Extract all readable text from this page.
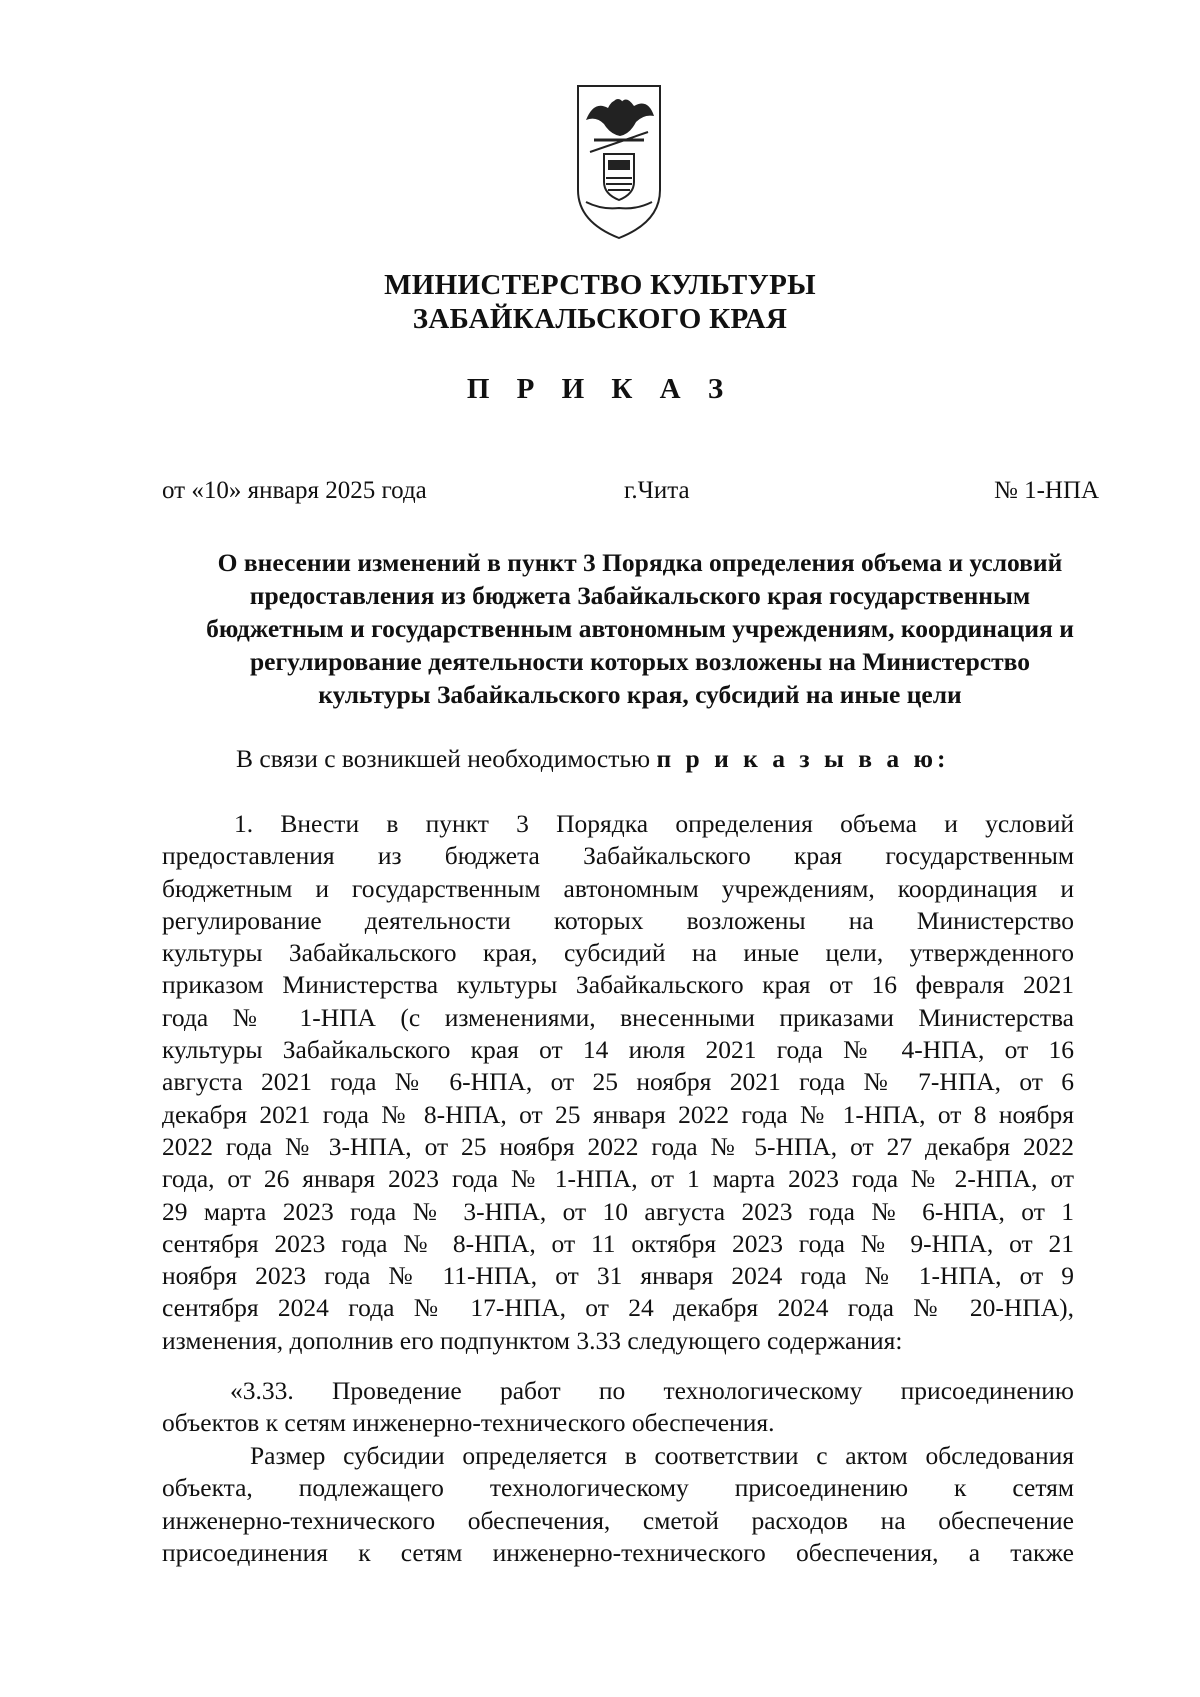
МИНИСТЕРСТВО КУЛЬТУРЫ
ЗАБАЙКАЛЬСКОГО КРАЯ
П Р И К А З
от «10» января 2025 года	г.Чита	№ 1-НПА
О внесении изменений в пункт 3 Порядка определения объема и условий
предоставления из бюджета Забайкальского края государственным
бюджетным и государственным автономным учреждениям, координация и
регулирование деятельности которых возложены на Министерство
культуры Забайкальского края, субсидий на иные цели
В связи с возникшей необходимостью п р и к а з ы в а ю:
1. Внести в пункт 3 Порядка определения объема и условий
предоставления из бюджета Забайкальского края государственным
бюджетным и государственным автономным учреждениям, координация и
регулирование деятельности которых возложены на Министерство
культуры Забайкальского края, субсидий на иные цели, утвержденного
приказом Министерства культуры Забайкальского края от 16 февраля 2021
года № 1-НПА (с изменениями, внесенными приказами Министерства
культуры Забайкальского края от 14 июля 2021 года № 4-НПА, от 16
августа 2021 года № 6-НПА, от 25 ноября 2021 года № 7-НПА, от 6
декабря 2021 года № 8-НПА, от 25 января 2022 года № 1-НПА, от 8 ноября
2022 года № 3-НПА, от 25 ноября 2022 года № 5-НПА, от 27 декабря 2022
года, от 26 января 2023 года № 1-НПА, от 1 марта 2023 года № 2-НПА, от
29 марта 2023 года № 3-НПА, от 10 августа 2023 года № 6-НПА, от 1
сентября 2023 года № 8-НПА, от 11 октября 2023 года № 9-НПА, от 21
ноября 2023 года № 11-НПА, от 31 января 2024 года № 1-НПА, от 9
сентября 2024 года № 17-НПА, от 24 декабря 2024 года № 20-НПА),
изменения, дополнив его подпунктом 3.33 следующего содержания:
«3.33. Проведение работ по технологическому присоединению
объектов к сетям инженерно-технического обеспечения.
Размер субсидии определяется в соответствии с актом обследования
объекта, подлежащего технологическому присоединению к сетям
инженерно-технического обеспечения, сметой расходов на обеспечение
присоединения к сетям инженерно-технического обеспечения, а также
